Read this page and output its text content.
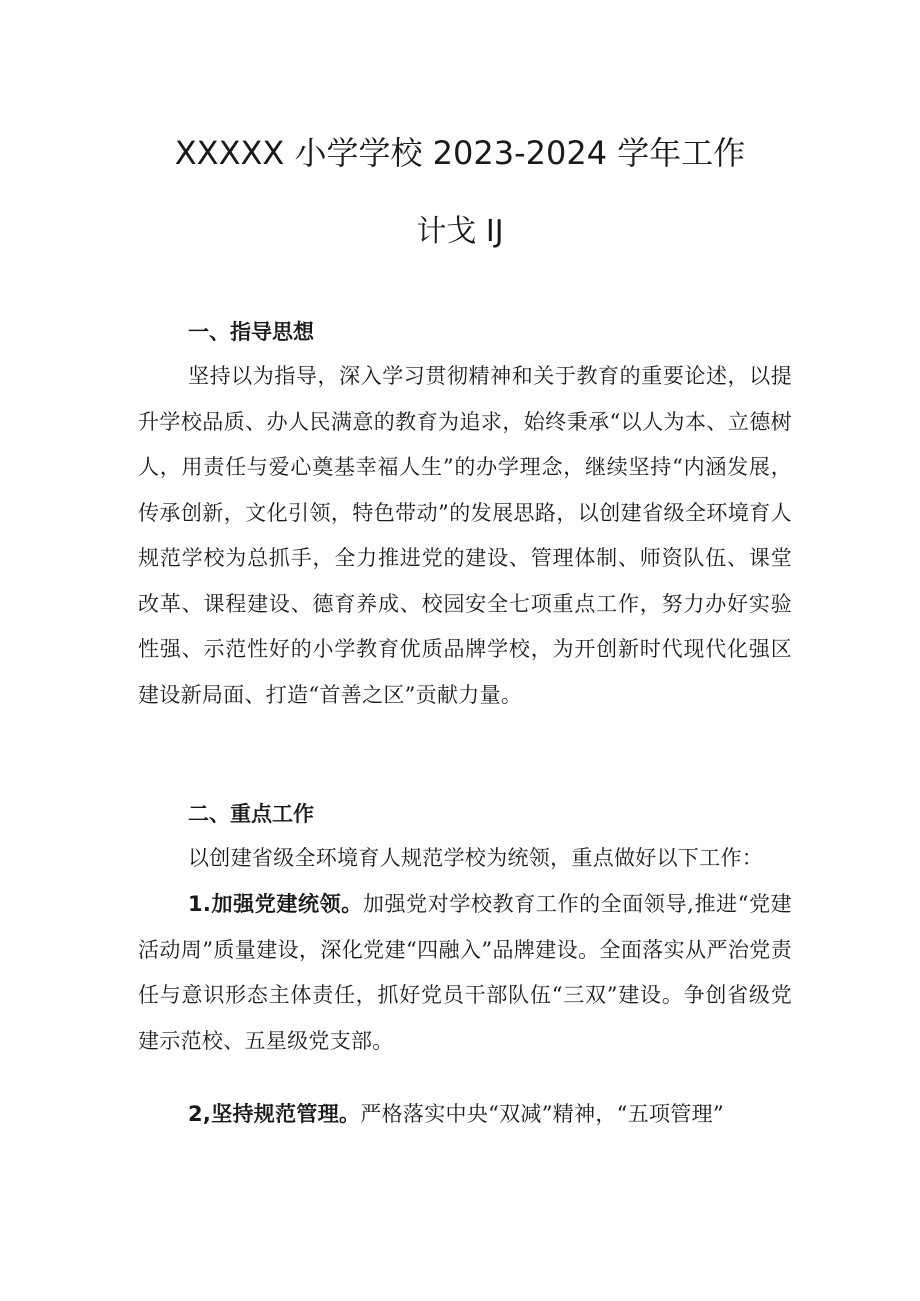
XXXXX 小学学校 2023-2024 学年工作
计戈 IJ
一、指导思想

坚持以为指导，深入学习贯彻精神和关于教育的重要论述，以提升学校品质、办人民满意的教育为追求，始终秉承“以人为本、立德树人，用责任与爱心奠基幸福人生”的办学理念，继续坚持“内涵发展，传承创新，文化引领，特色带动”的发展思路，以创建省级全环境育人规范学校为总抓手，全力推进党的建设、管理体制、师资队伍、课堂改革、课程建设、德育养成、校园安全七项重点工作，努力办好实验性强、示范性好的小学教育优质品牌学校，为开创新时代现代化强区建设新局面、打造“首善之区”贡献力量。

二、重点工作

以创建省级全环境育人规范学校为统领，重点做好以下工作：

1.加强党建统领。加强党对学校教育工作的全面领导,推进“党建活动周”质量建设，深化党建“四融入”品牌建设。全面落实从严治党责任与意识形态主体责任，抓好党员干部队伍“三双”建设。争创省级党建示范校、五星级党支部。

2,坚持规范管理。严格落实中央“双减”精神，“五项管理”
